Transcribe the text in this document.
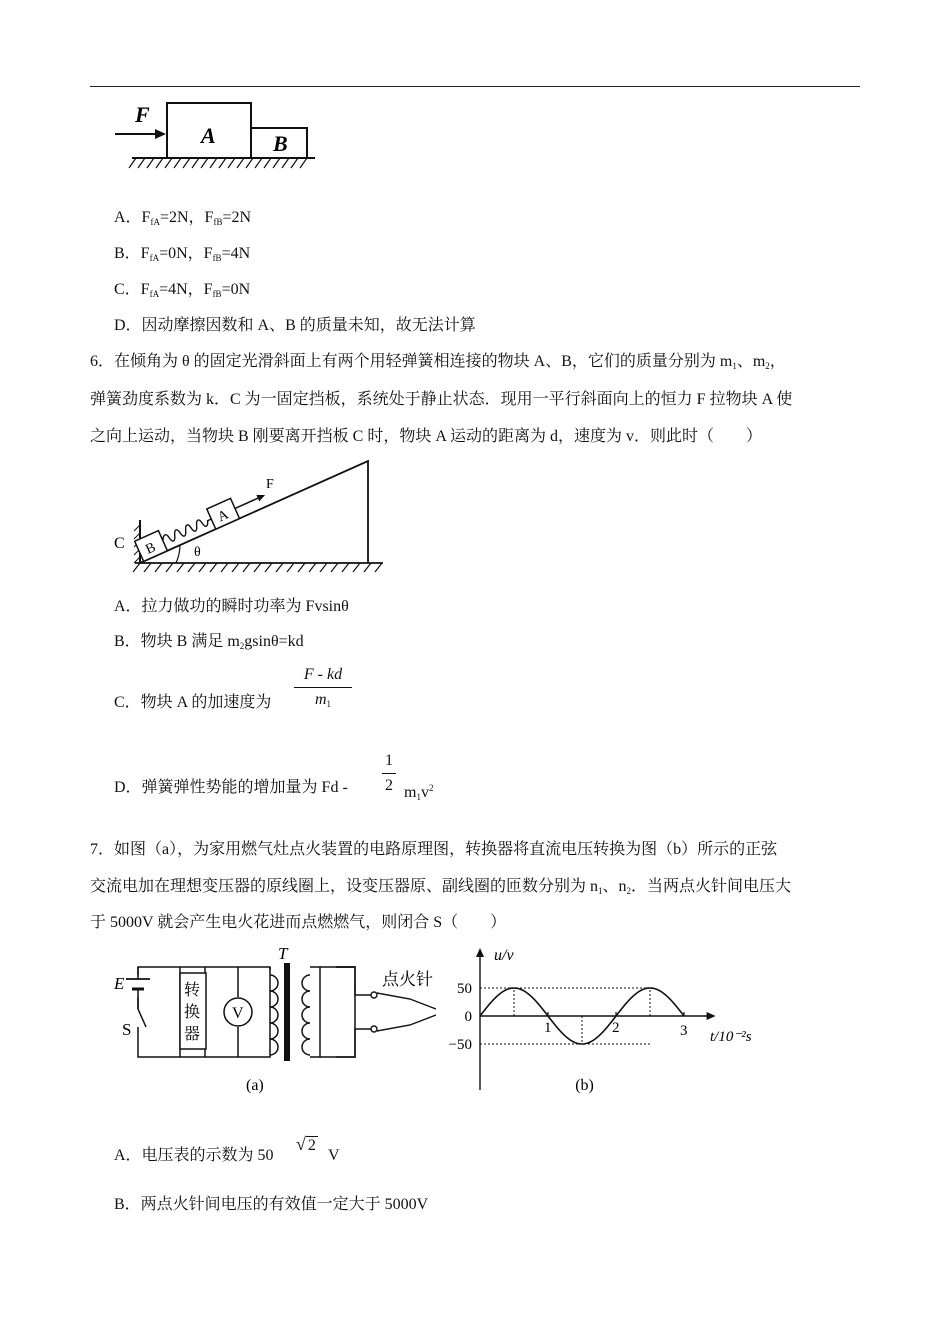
F
A	B
A．$F_{fA}=2N$，$F_{fB}=2N$
B．$F_{fA}=0N$，$F_{fB}=4N$
C．$F_{fA}=4N$，$F_{fB}=0N$
D．因动摩擦因数和 A、B 的质量未知，故无法计算
6．在倾角为 θ 的固定光滑斜面上有两个用轻弹簧相连接的物块 A、B，它们的质量分别为 $m_1$、$m_2$，
弹簧劲度系数为 k．C 为一固定挡板，系统处于静止状态．现用一平行斜面向上的恒力 F 拉物块 A 使
之向上运动，当物块 B 刚要离开挡板 C 时，物块 A 运动的距离为 d，速度为 v．则此时（　　）
θ
C B
A
F
A．拉力做功的瞬时功率为 Fvsinθ
B．物块 B 满足 $m_2gsin\theta=kd$
C．物块 A 的加速度为
F - kd
$m_1$
D．弹簧弹性势能的增加量为 Fd -
1
2 $m_1v^2$
7．如图（a），为家用燃气灶点火装置的电路原理图，转换器将直流电压转换为图（b）所示的正弦
交流电加在理想变压器的原线圈上，设变压器原、副线圈的匝数分别为 $n_1$、$n_2$．当两点火针间电压大
于 5000V 就会产生电火花进而点燃燃气，则闭合 S（　　）
E
S
转
换
器
V
T
点火针
(a)
u/v
t/10⁻²s
(b)
50
0
−50
1	2	3
A．电压表的示数为 50
√ 2
V
B．两点火针间电压的有效值一定大于 5000V
